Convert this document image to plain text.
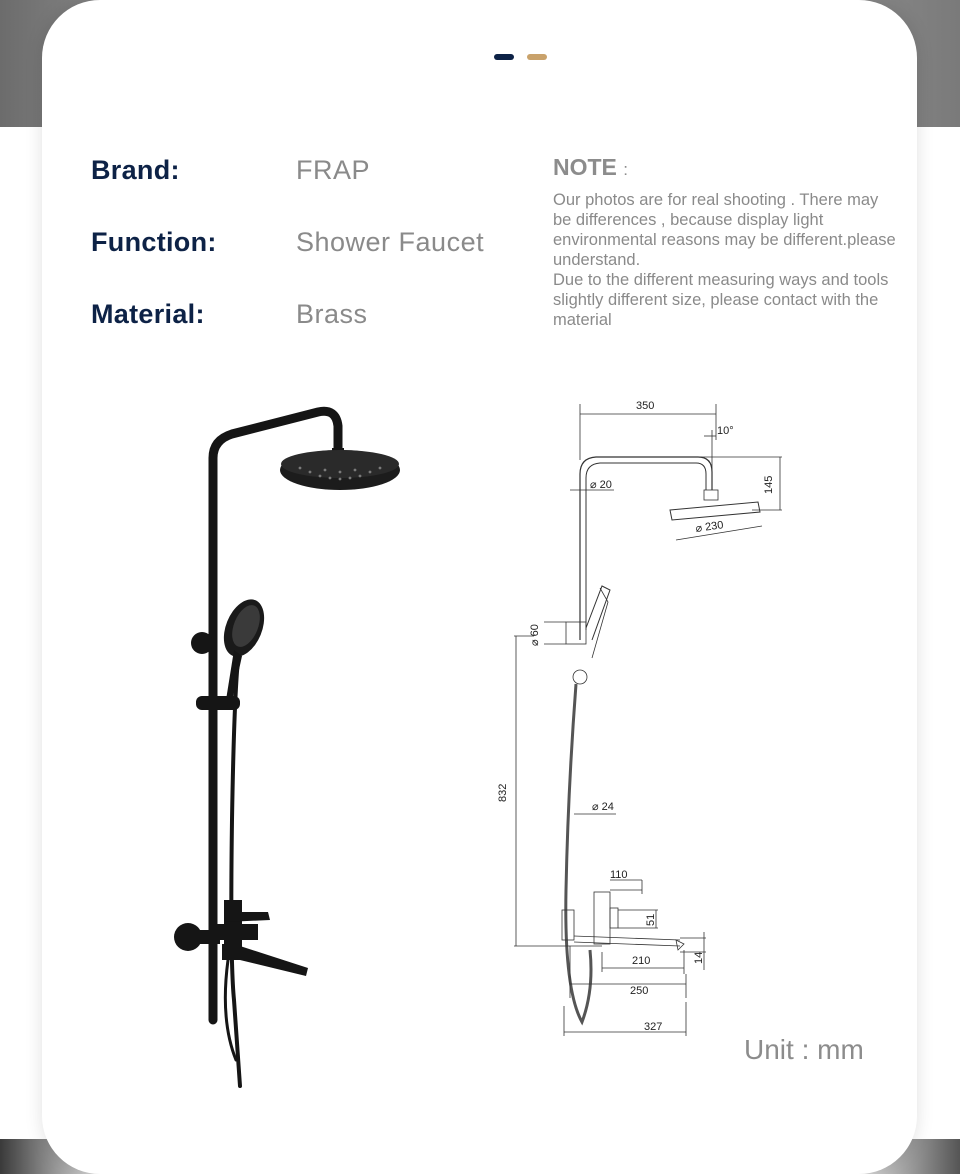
Brand:	FRAP
Function:	Shower Faucet
Material:	Brass
NOTE :

Our photos are for real shooting . There may be differences , because display light environmental reasons may be different.please understand.
Due to the different measuring ways and tools slightly different size, please contact with the material

350
10°
145
⌀ 20
⌀ 230
⌀ 60
832
⌀ 24
110
51
14
210
250
327
Unit : mm
